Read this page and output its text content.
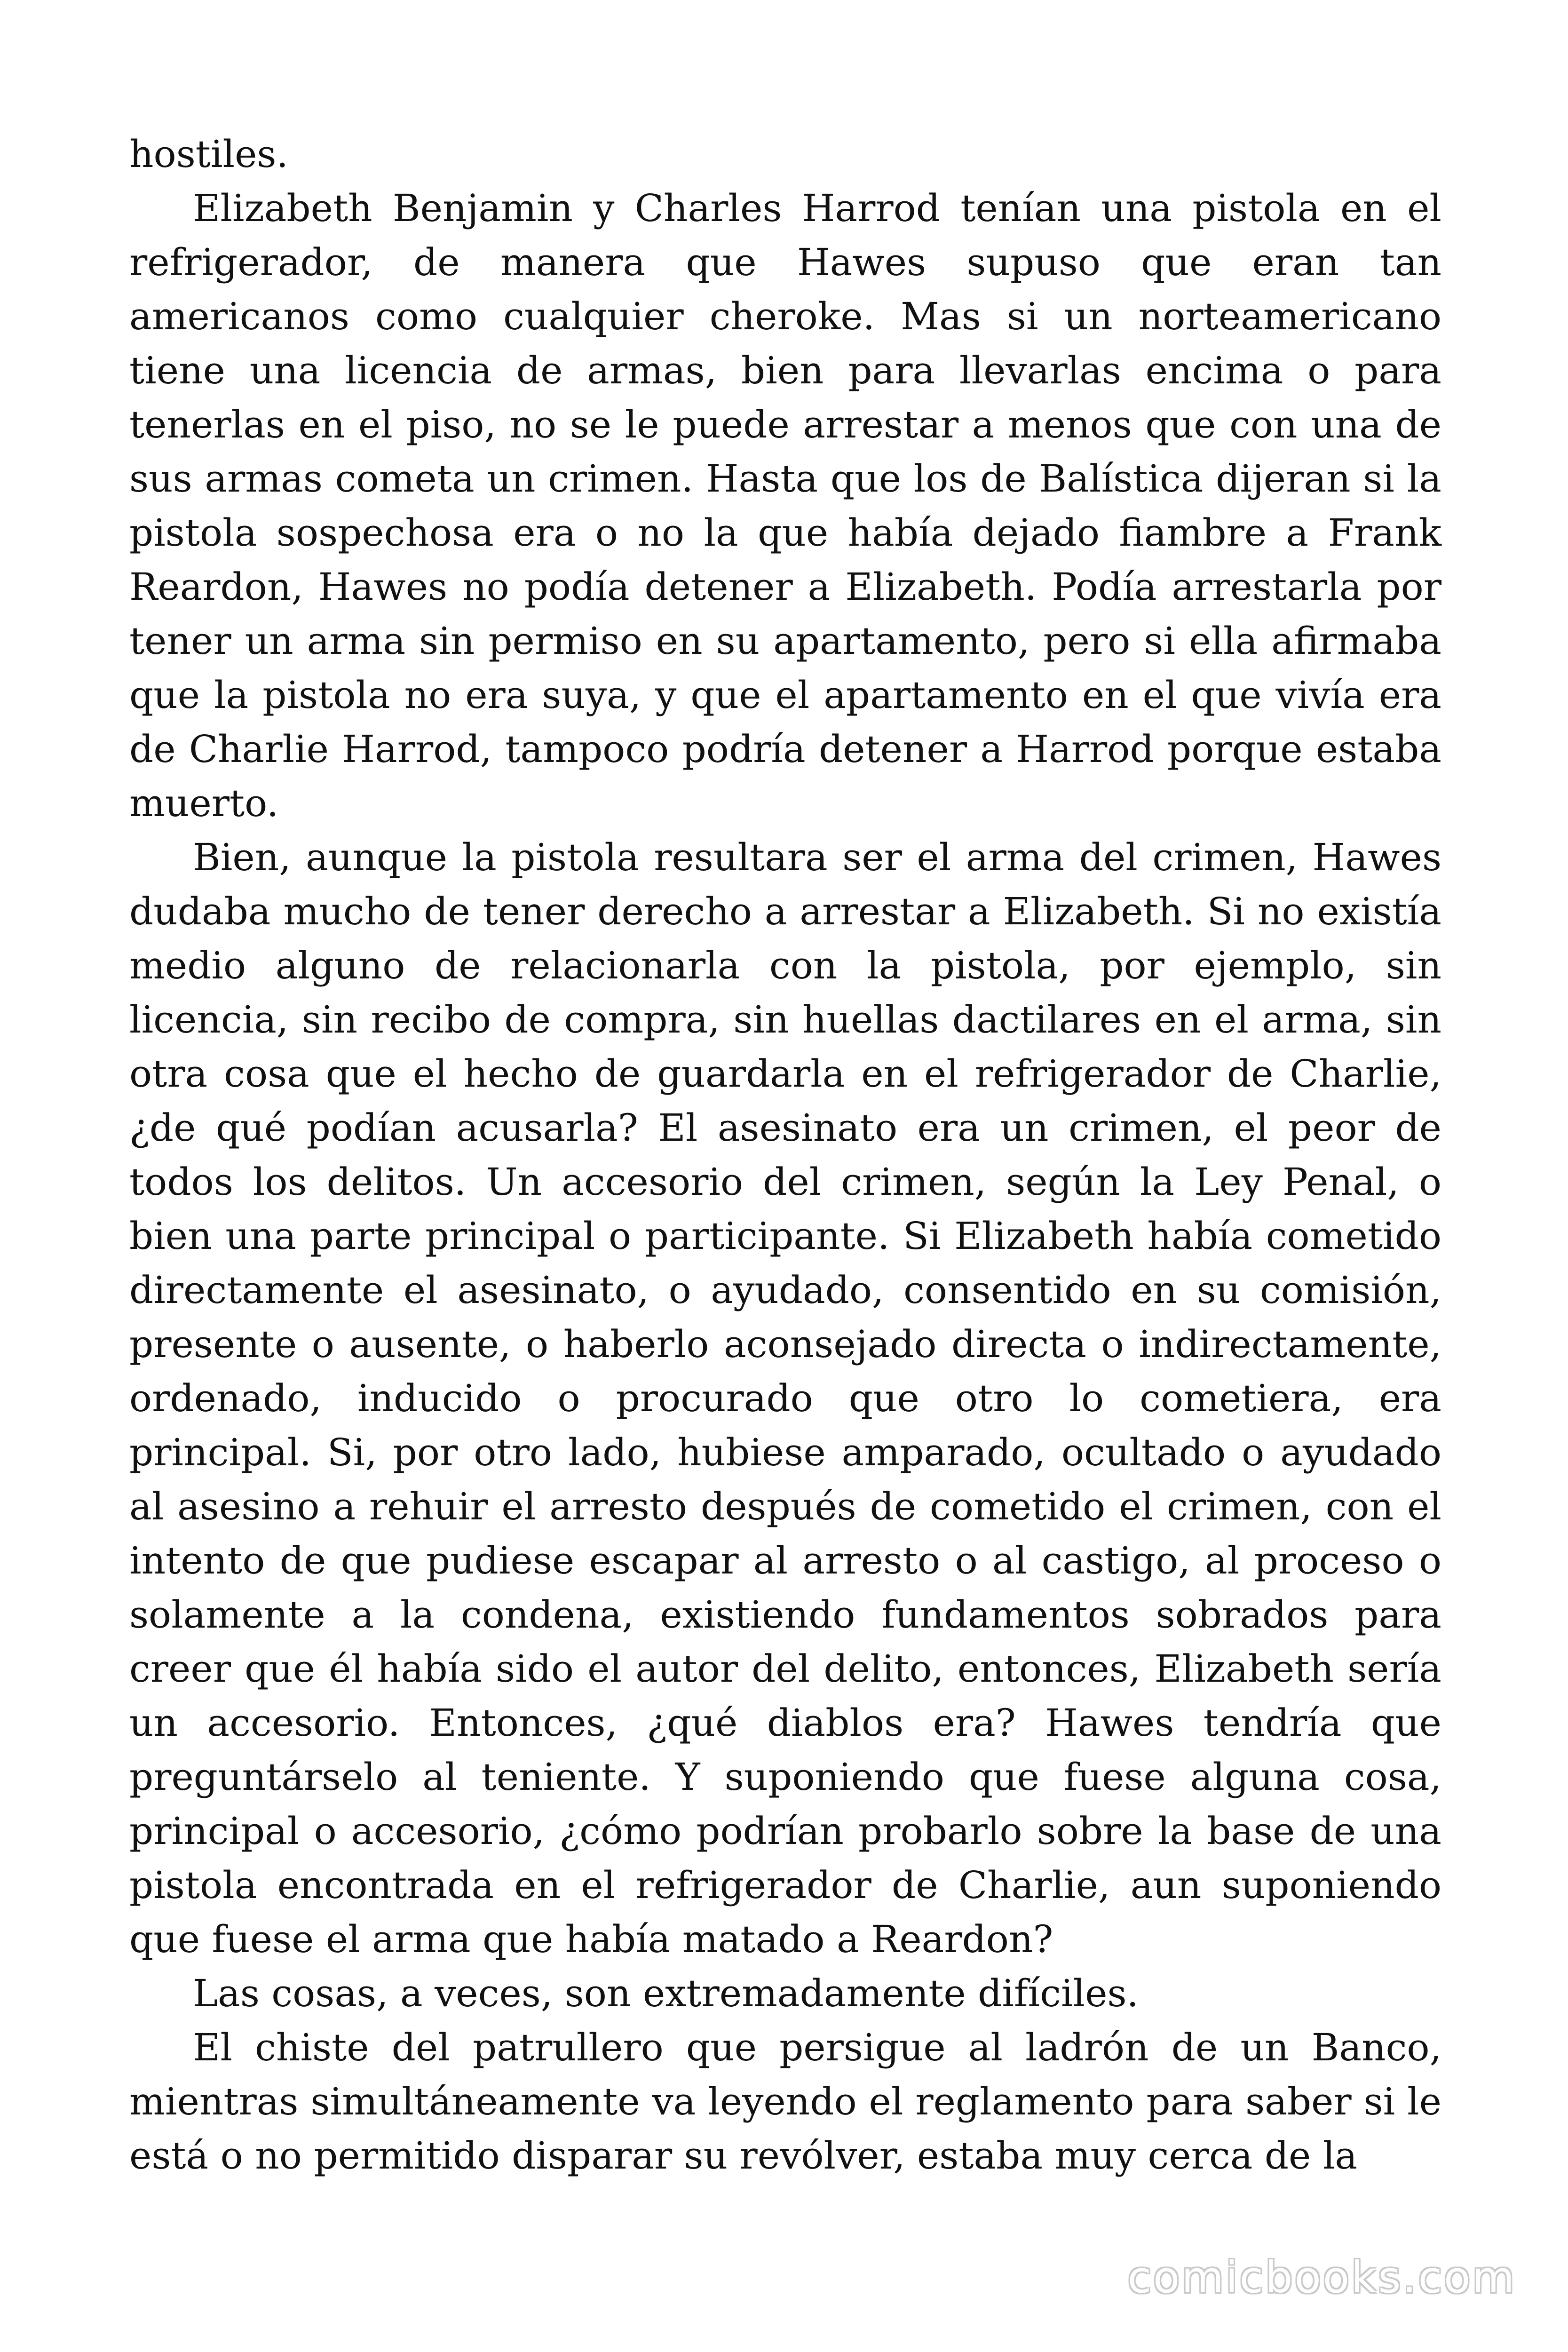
hostiles.

Elizabeth Benjamin y Charles Harrod tenían una pistola en el refrigerador, de manera que Hawes supuso que eran tan americanos como cualquier cheroke. Mas si un norteamericano tiene una licencia de armas, bien para llevarlas encima o para tenerlas en el piso, no se le puede arrestar a menos que con una de sus armas cometa un crimen. Hasta que los de Balística dijeran si la pistola sospechosa era o no la que había dejado fiambre a Frank Reardon, Hawes no podía detener a Elizabeth. Podía arrestarla por tener un arma sin permiso en su apartamento, pero si ella afirmaba que la pistola no era suya, y que el apartamento en el que vivía era de Charlie Harrod, tampoco podría detener a Harrod porque estaba muerto.

Bien, aunque la pistola resultara ser el arma del crimen, Hawes dudaba mucho de tener derecho a arrestar a Elizabeth. Si no existía medio alguno de relacionarla con la pistola, por ejemplo, sin licencia, sin recibo de compra, sin huellas dactilares en el arma, sin otra cosa que el hecho de guardarla en el refrigerador de Charlie, ¿de qué podían acusarla? El asesinato era un crimen, el peor de todos los delitos. Un accesorio del crimen, según la Ley Penal, o bien una parte principal o participante. Si Elizabeth había cometido directamente el asesinato, o ayudado, consentido en su comisión, presente o ausente, o haberlo aconsejado directa o indirectamente, ordenado, inducido o procurado que otro lo cometiera, era principal. Si, por otro lado, hubiese amparado, ocultado o ayudado al asesino a rehuir el arresto después de cometido el crimen, con el intento de que pudiese escapar al arresto o al castigo, al proceso o solamente a la condena, existiendo fundamentos sobrados para creer que él había sido el autor del delito, entonces, Elizabeth sería un accesorio. Entonces, ¿qué diablos era? Hawes tendría que preguntárselo al teniente. Y suponiendo que fuese alguna cosa, principal o accesorio, ¿cómo podrían probarlo sobre la base de una pistola encontrada en el refrigerador de Charlie, aun suponiendo que fuese el arma que había matado a Reardon?

Las cosas, a veces, son extremadamente difíciles.

El chiste del patrullero que persigue al ladrón de un Banco, mientras simultáneamente va leyendo el reglamento para saber si le está o no permitido disparar su revólver, estaba muy cerca de la

comicbooks.com
